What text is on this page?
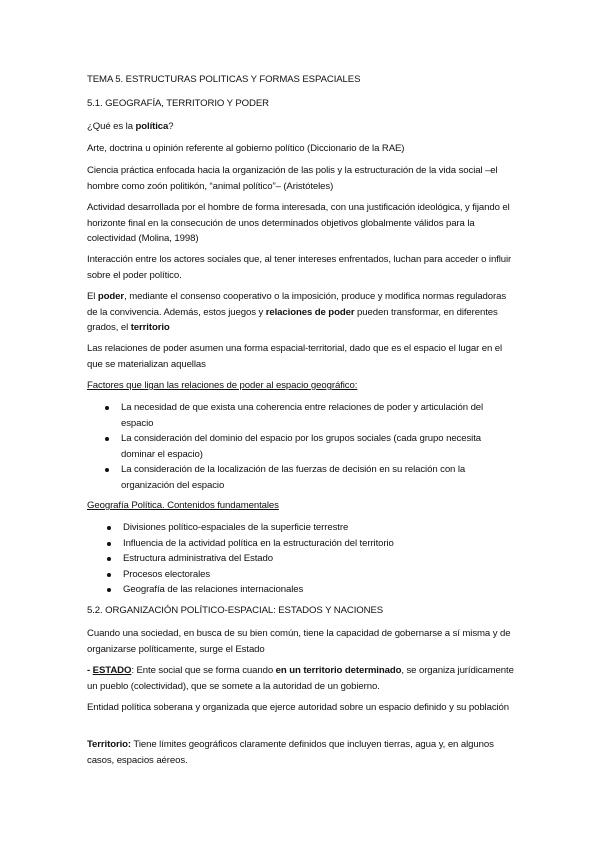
TEMA 5. ESTRUCTURAS POLITICAS Y FORMAS ESPACIALES

5.1. GEOGRAFÍA, TERRITORIO Y PODER

¿Qué es la política?

Arte, doctrina u opinión referente al gobierno político (Diccionario de la RAE)

Ciencia práctica enfocada hacia la organización de las polis y la estructuración de la vida social –el hombre como zoón politikón, “animal político”– (Aristóteles)

Actividad desarrollada por el hombre de forma interesada, con una justificación ideológica, y fijando el horizonte final en la consecución de unos determinados objetivos globalmente válidos para la colectividad (Molina, 1998)

Interacción entre los actores sociales que, al tener intereses enfrentados, luchan para acceder o influir sobre el poder político.

El poder, mediante el consenso cooperativo o la imposición, produce y modifica normas reguladoras de la convivencia. Además, estos juegos y relaciones de poder pueden transformar, en diferentes grados, el territorio

Las relaciones de poder asumen una forma espacial-territorial, dado que es el espacio el lugar en el que se materializan aquellas

Factores que ligan las relaciones de poder al espacio geográfico:

La necesidad de que exista una coherencia entre relaciones de poder y articulación del espacio
La consideración del dominio del espacio por los grupos sociales (cada grupo necesita dominar el espacio)
La consideración de la localización de las fuerzas de decisión en su relación con la organización del espacio

Geografía Política. Contenidos fundamentales

Divisiones político-espaciales de la superficie terrestre
Influencia de la actividad política en la estructuración del territorio
Estructura administrativa del Estado
Procesos electorales
Geografía de las relaciones internacionales

5.2. ORGANIZACIÓN POLÍTICO-ESPACIAL: ESTADOS Y NACIONES

Cuando una sociedad, en busca de su bien común, tiene la capacidad de gobernarse a sí misma y de organizarse políticamente, surge el Estado

- ESTADO: Ente social que se forma cuando en un territorio determinado, se organiza jurídicamente un pueblo (colectividad), que se somete a la autoridad de un gobierno.

Entidad política soberana y organizada que ejerce autoridad sobre un espacio definido y su población

Territorio: Tiene límites geográficos claramente definidos que incluyen tierras, agua y, en algunos casos, espacios aéreos.
